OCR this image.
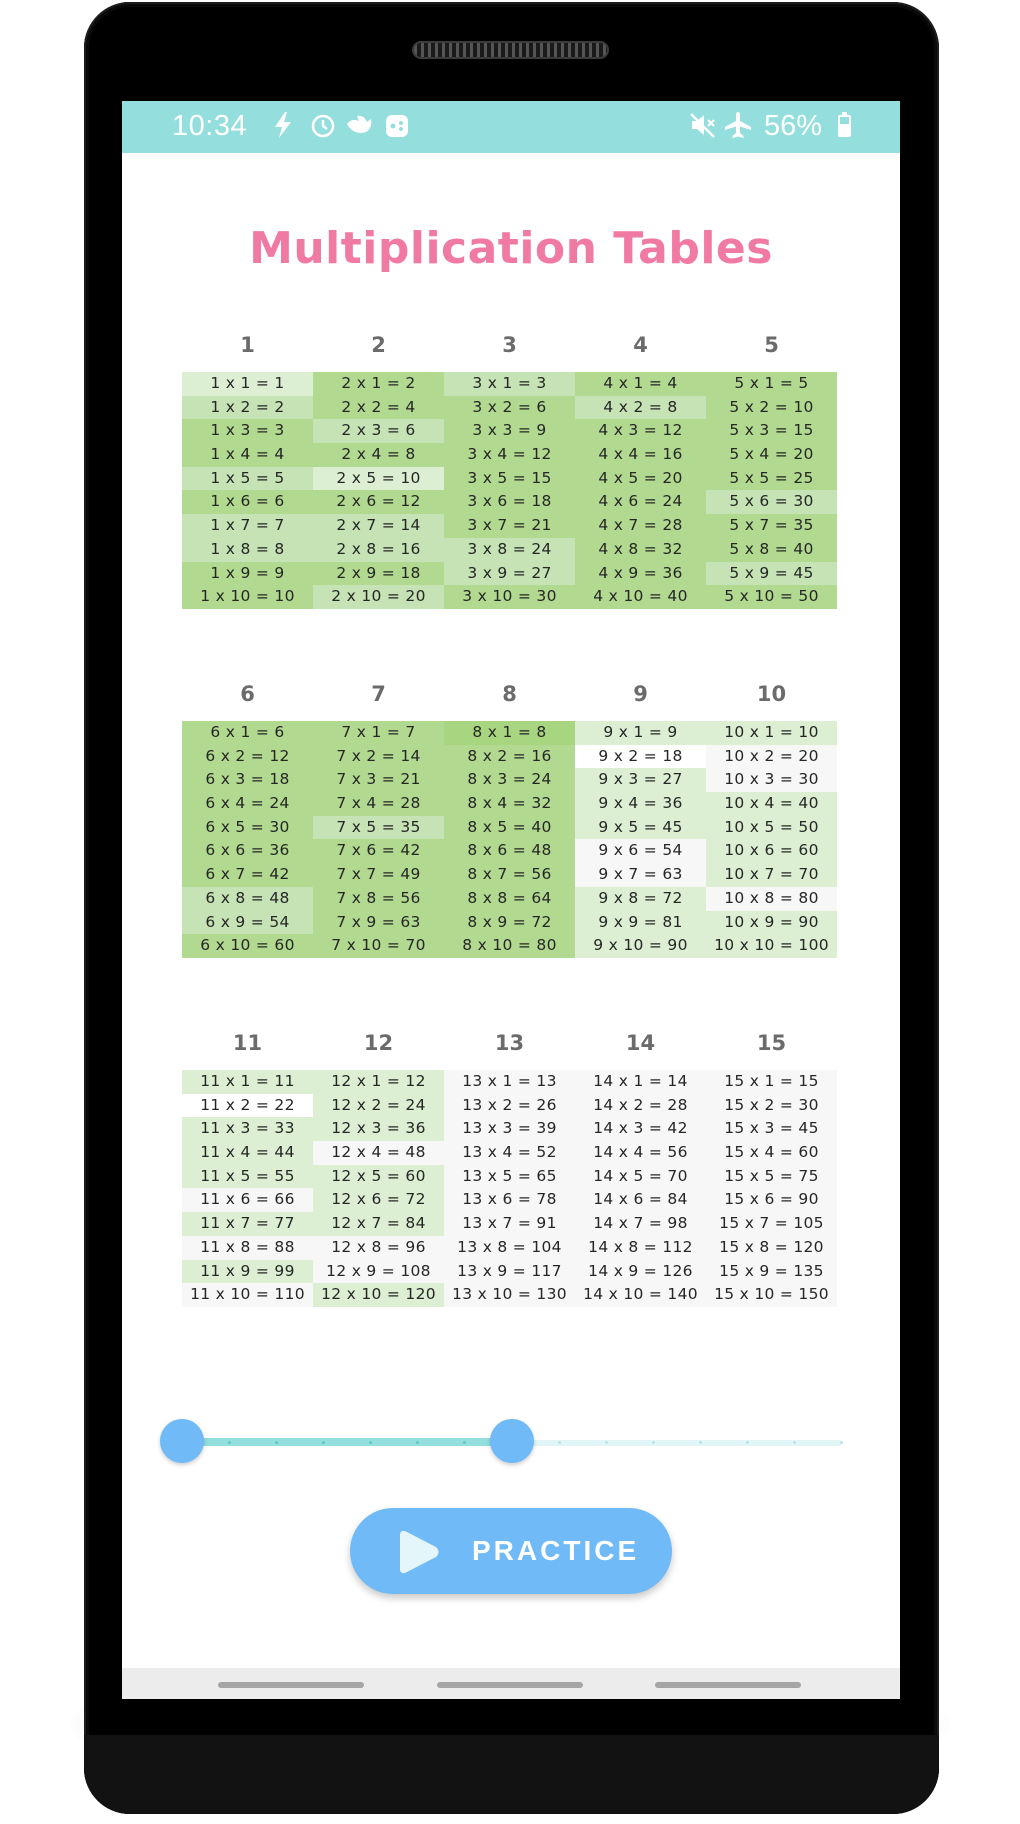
10:34	56%
Multiplication Tables
1
1 x 1 = 1
1 x 2 = 2
1 x 3 = 3
1 x 4 = 4
1 x 5 = 5
1 x 6 = 6
1 x 7 = 7
1 x 8 = 8
1 x 9 = 9
1 x 10 = 10
2
2 x 1 = 2
2 x 2 = 4
2 x 3 = 6
2 x 4 = 8
2 x 5 = 10
2 x 6 = 12
2 x 7 = 14
2 x 8 = 16
2 x 9 = 18
2 x 10 = 20
3
3 x 1 = 3
3 x 2 = 6
3 x 3 = 9
3 x 4 = 12
3 x 5 = 15
3 x 6 = 18
3 x 7 = 21
3 x 8 = 24
3 x 9 = 27
3 x 10 = 30
4
4 x 1 = 4
4 x 2 = 8
4 x 3 = 12
4 x 4 = 16
4 x 5 = 20
4 x 6 = 24
4 x 7 = 28
4 x 8 = 32
4 x 9 = 36
4 x 10 = 40
5
5 x 1 = 5
5 x 2 = 10
5 x 3 = 15
5 x 4 = 20
5 x 5 = 25
5 x 6 = 30
5 x 7 = 35
5 x 8 = 40
5 x 9 = 45
5 x 10 = 50
6
6 x 1 = 6
6 x 2 = 12
6 x 3 = 18
6 x 4 = 24
6 x 5 = 30
6 x 6 = 36
6 x 7 = 42
6 x 8 = 48
6 x 9 = 54
6 x 10 = 60
7
7 x 1 = 7
7 x 2 = 14
7 x 3 = 21
7 x 4 = 28
7 x 5 = 35
7 x 6 = 42
7 x 7 = 49
7 x 8 = 56
7 x 9 = 63
7 x 10 = 70
8
8 x 1 = 8
8 x 2 = 16
8 x 3 = 24
8 x 4 = 32
8 x 5 = 40
8 x 6 = 48
8 x 7 = 56
8 x 8 = 64
8 x 9 = 72
8 x 10 = 80
9
9 x 1 = 9
9 x 2 = 18
9 x 3 = 27
9 x 4 = 36
9 x 5 = 45
9 x 6 = 54
9 x 7 = 63
9 x 8 = 72
9 x 9 = 81
9 x 10 = 90
10
10 x 1 = 10
10 x 2 = 20
10 x 3 = 30
10 x 4 = 40
10 x 5 = 50
10 x 6 = 60
10 x 7 = 70
10 x 8 = 80
10 x 9 = 90
10 x 10 = 100
11
11 x 1 = 11
11 x 2 = 22
11 x 3 = 33
11 x 4 = 44
11 x 5 = 55
11 x 6 = 66
11 x 7 = 77
11 x 8 = 88
11 x 9 = 99
11 x 10 = 110
12
12 x 1 = 12
12 x 2 = 24
12 x 3 = 36
12 x 4 = 48
12 x 5 = 60
12 x 6 = 72
12 x 7 = 84
12 x 8 = 96
12 x 9 = 108
12 x 10 = 120
13
13 x 1 = 13
13 x 2 = 26
13 x 3 = 39
13 x 4 = 52
13 x 5 = 65
13 x 6 = 78
13 x 7 = 91
13 x 8 = 104
13 x 9 = 117
13 x 10 = 130
14
14 x 1 = 14
14 x 2 = 28
14 x 3 = 42
14 x 4 = 56
14 x 5 = 70
14 x 6 = 84
14 x 7 = 98
14 x 8 = 112
14 x 9 = 126
14 x 10 = 140
15
15 x 1 = 15
15 x 2 = 30
15 x 3 = 45
15 x 4 = 60
15 x 5 = 75
15 x 6 = 90
15 x 7 = 105
15 x 8 = 120
15 x 9 = 135
15 x 10 = 150
PRACTICE
